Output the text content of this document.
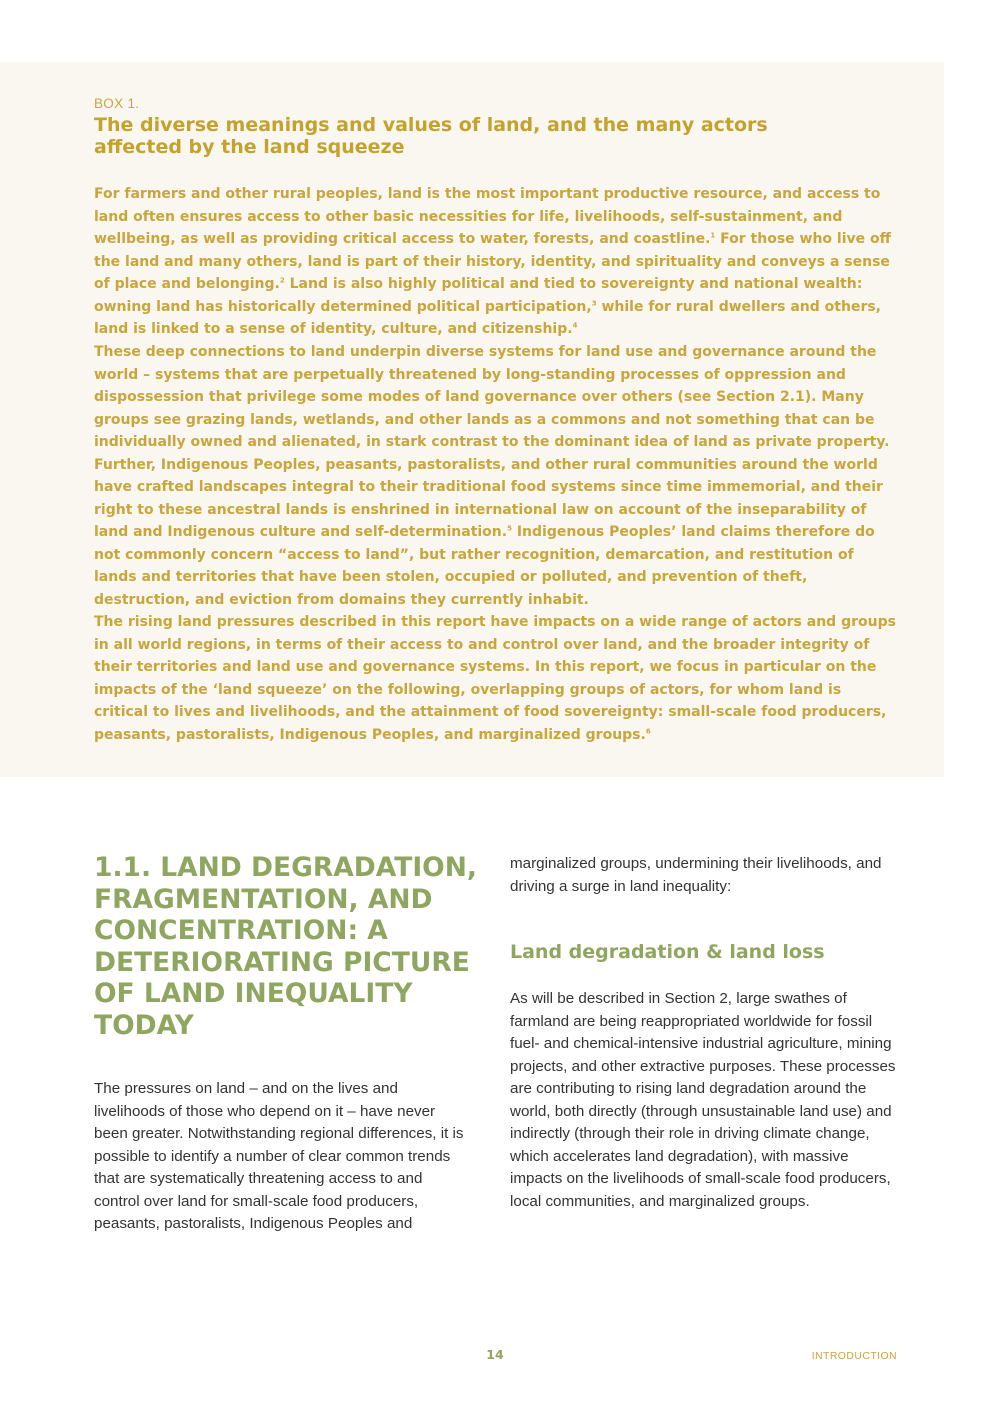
BOX 1.
The diverse meanings and values of land, and the many actors affected by the land squeeze

For farmers and other rural peoples, land is the most important productive resource, and access to land often ensures access to other basic necessities for life, livelihoods, self-sustainment, and wellbeing, as well as providing critical access to water, forests, and coastline.$^1$ For those who live off the land and many others, land is part of their history, identity, and spirituality and conveys a sense of place and belonging.$^2$ Land is also highly political and tied to sovereignty and national wealth: owning land has historically determined political participation,$^3$ while for rural dwellers and others, land is linked to a sense of identity, culture, and citizenship.$^4$

These deep connections to land underpin diverse systems for land use and governance around the world – systems that are perpetually threatened by long-standing processes of oppression and dispossession that privilege some modes of land governance over others (see Section 2.1). Many groups see grazing lands, wetlands, and other lands as a commons and not something that can be individually owned and alienated, in stark contrast to the dominant idea of land as private property. Further, Indigenous Peoples, peasants, pastoralists, and other rural communities around the world have crafted landscapes integral to their traditional food systems since time immemorial, and their right to these ancestral lands is enshrined in international law on account of the inseparability of land and Indigenous culture and self-determination.$^5$ Indigenous Peoples’ land claims therefore do not commonly concern “access to land”, but rather recognition, demarcation, and restitution of lands and territories that have been stolen, occupied or polluted, and prevention of theft, destruction, and eviction from domains they currently inhabit.

The rising land pressures described in this report have impacts on a wide range of actors and groups in all world regions, in terms of their access to and control over land, and the broader integrity of their territories and land use and governance systems. In this report, we focus in particular on the impacts of the ‘land squeeze’ on the following, overlapping groups of actors, for whom land is critical to lives and livelihoods, and the attainment of food sovereignty: small-scale food producers, peasants, pastoralists, Indigenous Peoples, and marginalized groups.$^6$

1.1. LAND DEGRADATION, FRAGMENTATION, AND CONCENTRATION: A DETERIORATING PICTURE OF LAND INEQUALITY TODAY

The pressures on land – and on the lives and livelihoods of those who depend on it – have never been greater. Notwithstanding regional differences, it is possible to identify a number of clear common trends that are systematically threatening access to and control over land for small-scale food producers, peasants, pastoralists, Indigenous Peoples and

marginalized groups, undermining their livelihoods, and driving a surge in land inequality:

Land degradation & land loss

As will be described in Section 2, large swathes of farmland are being reappropriated worldwide for fossil fuel- and chemical-intensive industrial agriculture, mining projects, and other extractive purposes. These processes are contributing to rising land degradation around the world, both directly (through unsustainable land use) and indirectly (through their role in driving climate change, which accelerates land degradation), with massive impacts on the livelihoods of small-scale food producers, local communities, and marginalized groups.

14	INTRODUCTION
